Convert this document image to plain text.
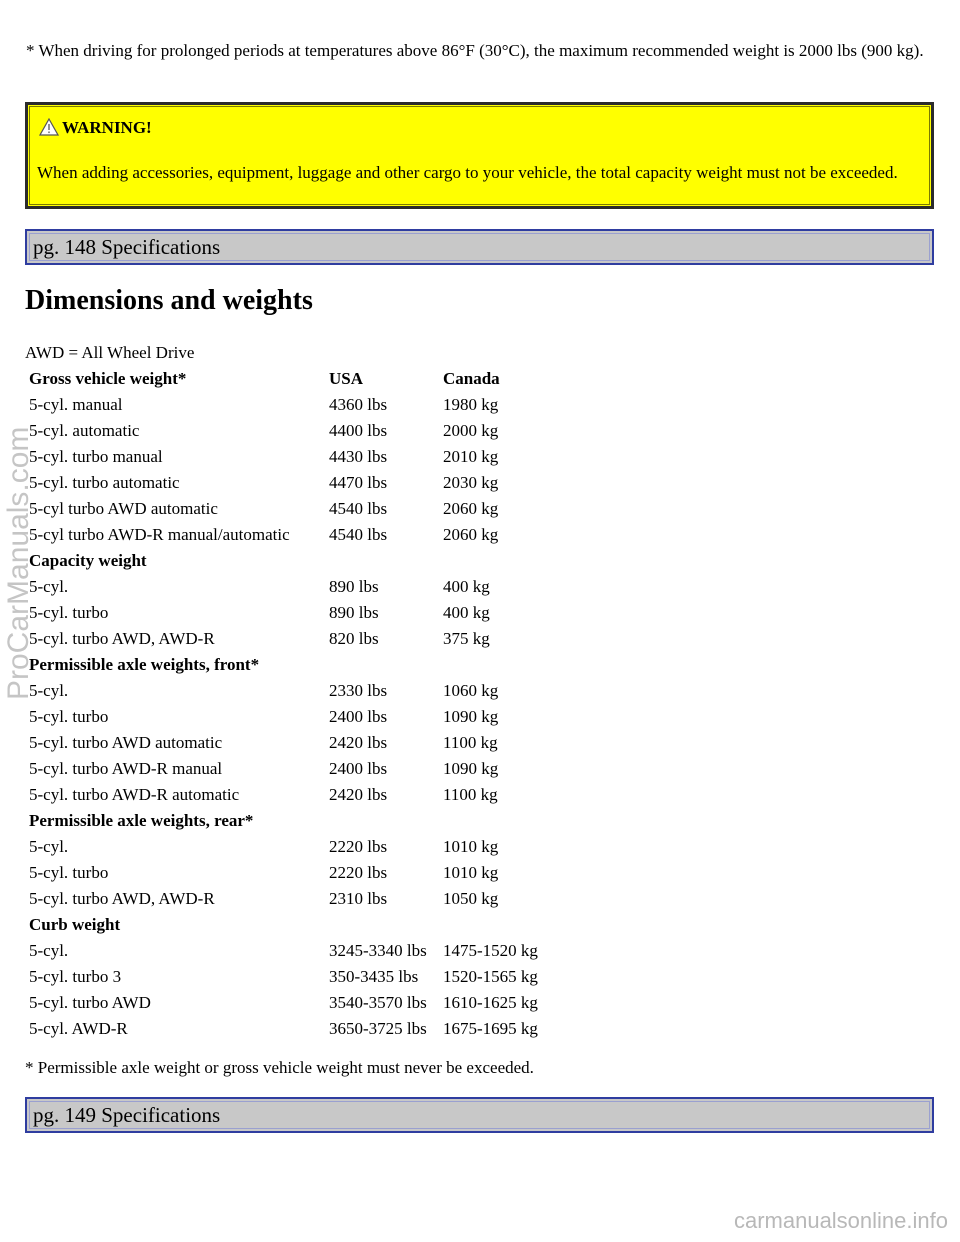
* When driving for prolonged periods at temperatures above 86°F (30°C), the maximum recommended weight is 2000 lbs (900 kg).
WARNING!
When adding accessories, equipment, luggage and other cargo to your vehicle, the total capacity weight must not be exceeded.
pg. 148 Specifications
Dimensions and weights
AWD = All Wheel Drive
Gross vehicle weight*	USA	Canada
5-cyl. manual	4360 lbs	1980 kg
5-cyl. automatic	4400 lbs	2000 kg
5-cyl. turbo manual	4430 lbs	2010 kg
5-cyl. turbo automatic	4470 lbs	2030 kg
5-cyl turbo AWD automatic	4540 lbs	2060 kg
5-cyl turbo AWD-R manual/automatic	4540 lbs	2060 kg
Capacity weight		
5-cyl.	890 lbs	400 kg
5-cyl. turbo	890 lbs	400 kg
5-cyl. turbo AWD, AWD-R	820 lbs	375 kg
Permissible axle weights, front*		
5-cyl.	2330 lbs	1060 kg
5-cyl. turbo	2400 lbs	1090 kg
5-cyl. turbo AWD automatic	2420 lbs	1100 kg
5-cyl. turbo AWD-R manual	2400 lbs	1090 kg
5-cyl. turbo AWD-R automatic	2420 lbs	1100 kg
Permissible axle weights, rear*		
5-cyl.	2220 lbs	1010 kg
5-cyl. turbo	2220 lbs	1010 kg
5-cyl. turbo AWD, AWD-R	2310 lbs	1050 kg
Curb weight		
5-cyl.	3245-3340 lbs	1475-1520 kg
5-cyl. turbo 3	350-3435 lbs	1520-1565 kg
5-cyl. turbo AWD	3540-3570 lbs	1610-1625 kg
5-cyl. AWD-R	3650-3725 lbs	1675-1695 kg
* Permissible axle weight or gross vehicle weight must never be exceeded.
pg. 149 Specifications
ProCarManuals.com
carmanualsonline.info
